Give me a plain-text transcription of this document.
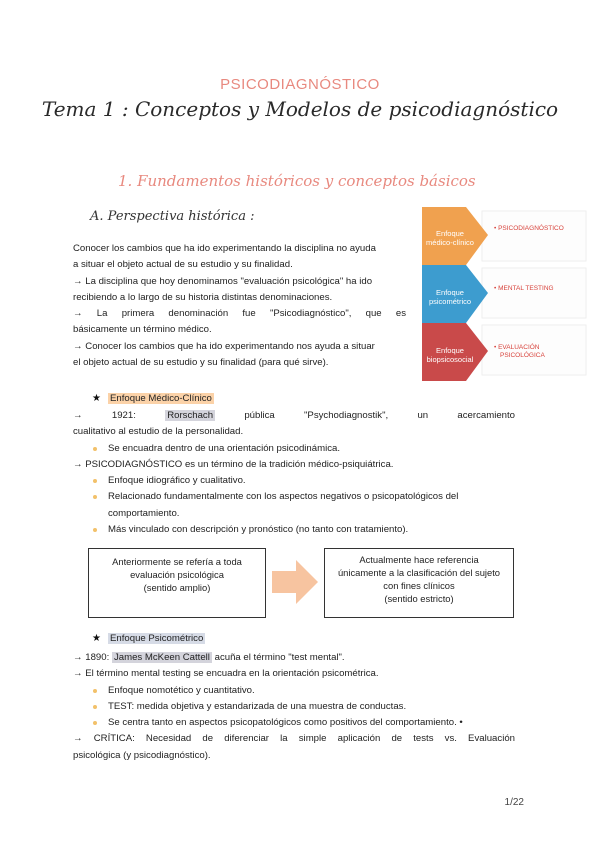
PSICODIAGNÓSTICO
Tema 1 : Conceptos y Modelos de psicodiagnóstico
1. Fundamentos históricos y conceptos básicos
A. Perspectiva histórica :
Conocer los cambios que ha ido experimentando la disciplina no ayuda
a situar el objeto actual de su estudio y su finalidad.
→ La disciplina que hoy denominamos "evaluación psicológica" ha ido
recibiendo a lo largo de su historia distintas denominaciones.
→ La primera denominación fue "Psicodiagnóstico", que es
básicamente un término médico.
→ Conocer los cambios que ha ido experimentando nos ayuda a situar
el objeto actual de su estudio y su finalidad (para qué sirve).
Enfoque médico-clínico
Enfoque psicométrico
Enfoque biopsicosocial
• PSICODIAGNÓSTICO
• MENTAL TESTING
• EVALUACIÓN
PSICOLÓGICA
★ Enfoque Médico-Clínico
→ 1921:	Rorschach	pública "Psychodiagnostik", un acercamiento
cualitativo al estudio de la personalidad.
Se encuadra dentro de una orientación psicodinámica.
→ PSICODIAGNÓSTICO es un término de la tradición médico-psiquiátrica.
Enfoque idiográfico y cualitativo.
Relacionado fundamentalmente con los aspectos negativos o psicopatológicos del
comportamiento.
Más vinculado con descripción y pronóstico (no tanto con tratamiento).
Anteriormente se refería a toda
evaluación psicológica
(sentido amplio)
Actualmente hace referencia
únicamente a la clasificación del sujeto
con fines clínicos
(sentido estricto)
★ Enfoque Psicométrico
→ 1890: James McKeen Cattell acuña el término "test mental".
→ El término mental testing se encuadra en la orientación psicométrica.
Enfoque nomotético y cuantitativo.
TEST: medida objetiva y estandarizada de una muestra de conductas.
Se centra tanto en aspectos psicopatológicos como positivos del comportamiento. •
→ CRÍTICA: Necesidad de diferenciar la simple aplicación de tests vs. Evaluación
psicológica (y psicodiagnóstico).
1/22
